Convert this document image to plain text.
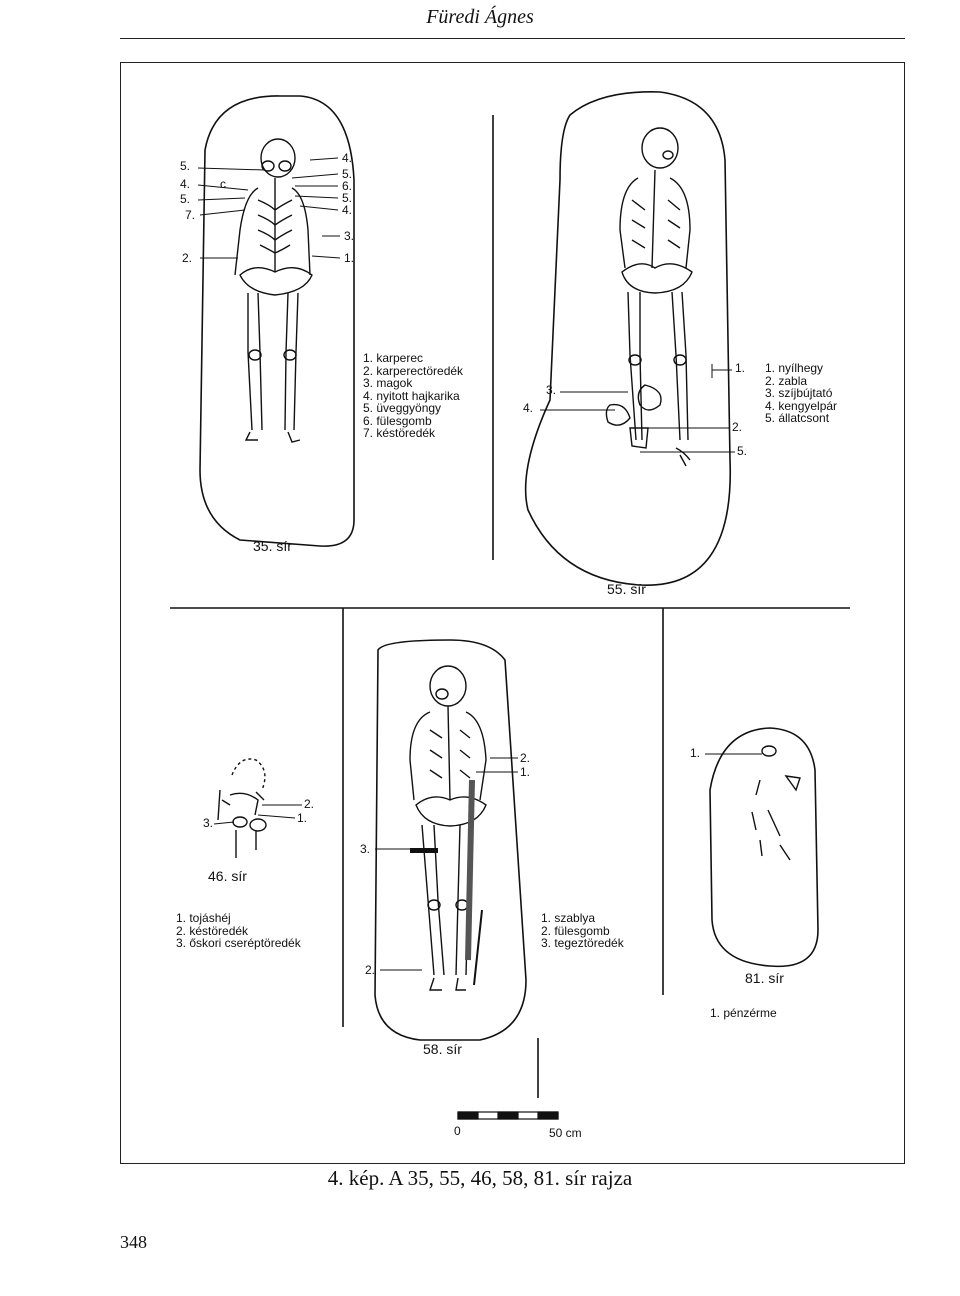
Füredi Ágnes
5.
4.
5.
7.
2.
c
4.
5.
6.
5.
4.
3.
1.
1. karperec
2. karperectöredék
3. magok
4. nyitott hajkarika
5. üveggyöngy
6. fülesgomb
7. késtöredék
35. sír
3.
4.
1.
2.
5.
1. nyílhegy
2. zabla
3. szíjbújtató
4. kengyelpár
5. állatcsont
55. sír
3.
2.
1.
46. sír
1. tojáshéj
2. késtöredék
3. őskori cseréptöredék
2.
1.
3.
2.
1. szablya
2. fülesgomb
3. tegeztöredék
58. sír
1.
81. sír
1. pénzérme
0	50 cm
4. kép. A 35, 55, 46, 58, 81. sír rajza
348
